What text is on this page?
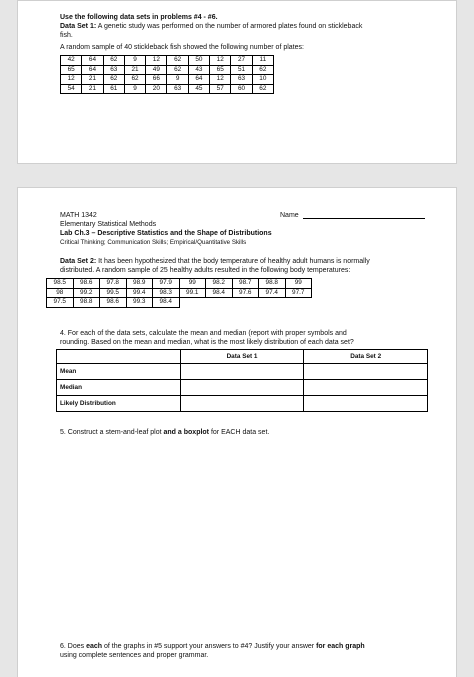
Use the following data sets in problems #4 - #6.
Data Set 1: A genetic study was performed on the number of armored plates found on stickleback
fish.
A random sample of 40 stickleback fish showed the following number of plates:
42	64	62	9	12	62	50	12	27	11
65	64	63	21	49	62	43	65	51	62
12	21	62	62	66	9	64	12	63	10
54	21	61	9	20	63	45	57	60	62
MATH 1342	Name
Elementary Statistical Methods
Lab Ch.3 – Descriptive Statistics and the Shape of Distributions
Critical Thinking; Communication Skills; Empirical/Quantitative Skills
Data Set 2: It has been hypothesized that the body temperature of healthy adult humans is normally
distributed. A random sample of 25 healthy adults resulted in the following body temperatures:
98.5	98.6	97.8	98.9	97.9	99	98.2	98.7	98.8	99
98	99.2	99.5	99.4	98.3	99.1	98.4	97.6	97.4	97.7
97.5	98.8	98.6	99.3	98.4					
4. For each of the data sets, calculate the mean and median (report with proper symbols and
rounding. Based on the mean and median, what is the most likely distribution of each data set?
	Data Set 1	Data Set 2
Mean		
Median		
Likely Distribution		
5. Construct a stem-and-leaf plot and a boxplot for EACH data set.
6. Does each of the graphs in #5 support your answers to #4? Justify your answer for each graph
using complete sentences and proper grammar.
